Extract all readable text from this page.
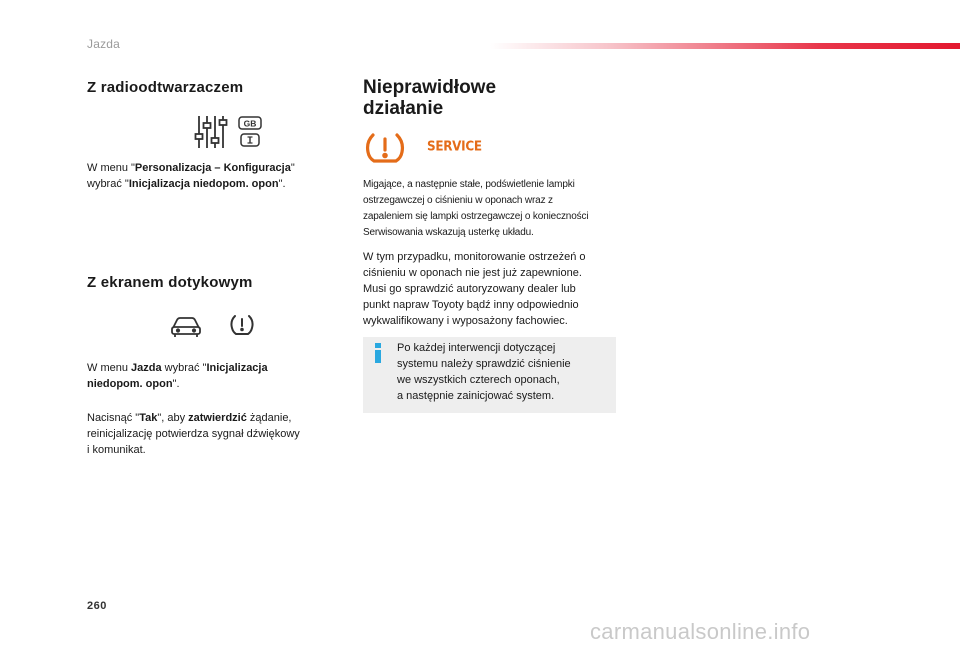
Jazda
Z radioodtwarzaczem
GB
W menu "Personalizacja – Konfiguracja"
wybrać "Inicjalizacja niedopom. opon".
Z ekranem dotykowym
W menu Jazda wybrać "Inicjalizacja
niedopom. opon".
Nacisnąć "Tak", aby zatwierdzić żądanie,
reinicjalizację potwierdza sygnał dźwiękowy
i komunikat.
Nieprawidłowe
działanie
SERVICE
Migające, a następnie stałe, podświetlenie lampki
ostrzegawczej o ciśnieniu w oponach wraz z
zapaleniem się lampki ostrzegawczej o konieczności
Serwisowania wskazują usterkę układu.
W tym przypadku, monitorowanie ostrzeżeń o
ciśnieniu w oponach nie jest już zapewnione.
Musi go sprawdzić autoryzowany dealer lub
punkt napraw Toyoty bądź inny odpowiednio
wykwalifikowany i wyposażony fachowiec.
Po każdej interwencji dotyczącej
systemu należy sprawdzić ciśnienie
we wszystkich czterech oponach,
a następnie zainicjować system.
260
carmanualsonline.info
